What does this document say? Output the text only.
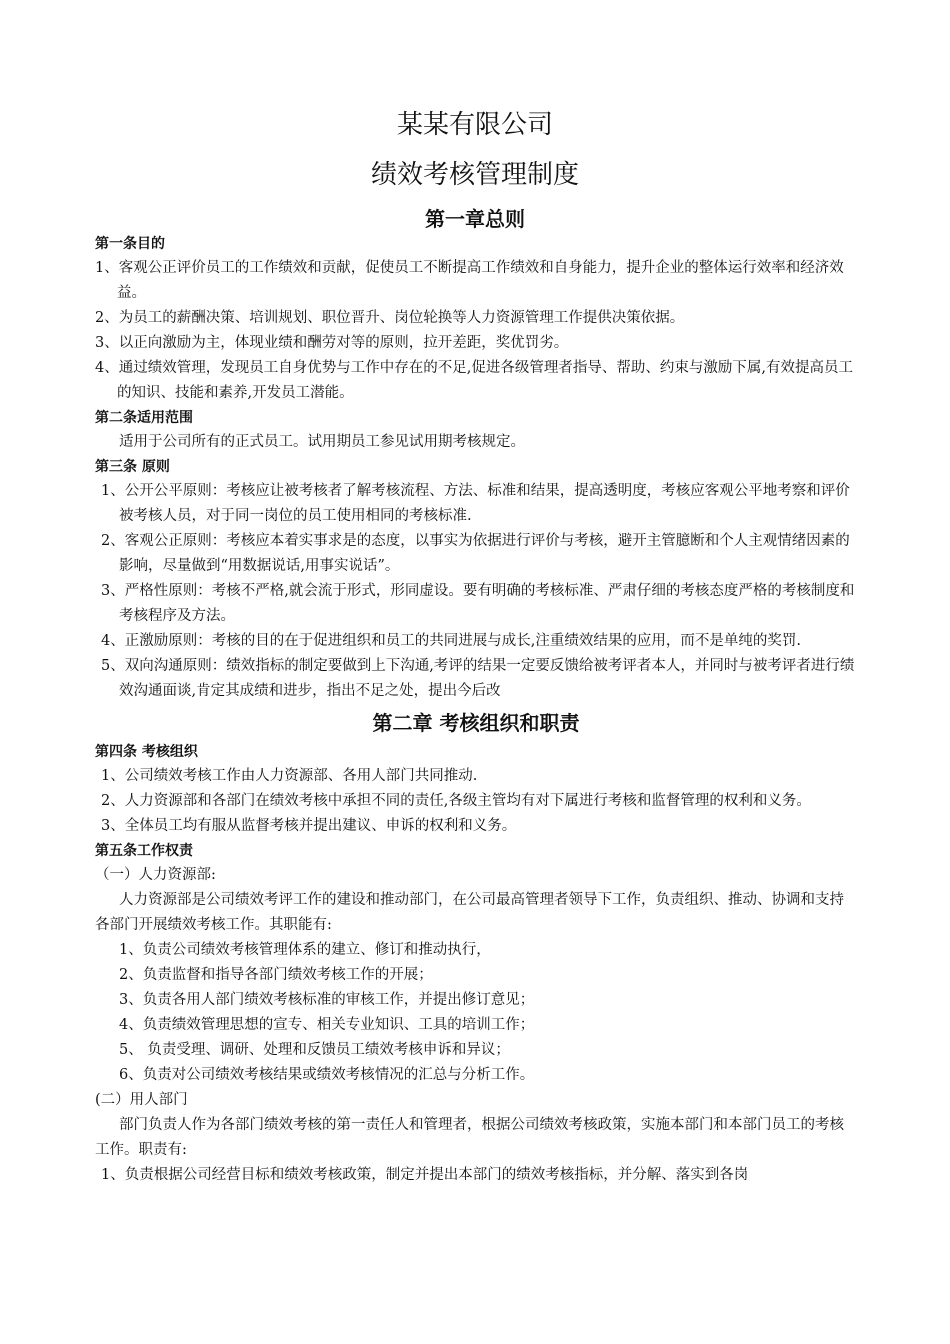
某某有限公司
绩效考核管理制度
第一章总则
第一条目的
1、客观公正评价员工的工作绩效和贡献，促使员工不断提高工作绩效和自身能力，提升企业的整体运行效率和经济效益。
2、为员工的薪酬决策、培训规划、职位晋升、岗位轮换等人力资源管理工作提供决策依据。
3、以正向激励为主，体现业绩和酬劳对等的原则，拉开差距，奖优罚劣。
4、通过绩效管理，发现员工自身优势与工作中存在的不足,促进各级管理者指导、帮助、约束与激励下属,有效提高员工的知识、技能和素养,开发员工潜能。
第二条适用范围
适用于公司所有的正式员工。试用期员工参见试用期考核规定。
第三条 原则
1、公开公平原则：考核应让被考核者了解考核流程、方法、标准和结果，提高透明度，考核应客观公平地考察和评价被考核人员，对于同一岗位的员工使用相同的考核标准.
2、客观公正原则：考核应本着实事求是的态度，以事实为依据进行评价与考核，避开主管臆断和个人主观情绪因素的影响，尽量做到“用数据说话,用事实说话”。
3、严格性原则：考核不严格,就会流于形式，形同虚设。要有明确的考核标准、严肃仔细的考核态度严格的考核制度和考核程序及方法。
4、正激励原则：考核的目的在于促进组织和员工的共同进展与成长,注重绩效结果的应用，而不是单纯的奖罚.
5、双向沟通原则：绩效指标的制定要做到上下沟通,考评的结果一定要反馈给被考评者本人，并同时与被考评者进行绩效沟通面谈,肯定其成绩和进步，指出不足之处，提出今后改
第二章 考核组织和职责
第四条 考核组织
1、公司绩效考核工作由人力资源部、各用人部门共同推动.
2、人力资源部和各部门在绩效考核中承担不同的责任,各级主管均有对下属进行考核和监督管理的权利和义务。
3、全体员工均有服从监督考核并提出建议、申诉的权利和义务。
第五条工作权责
（一）人力资源部:
人力资源部是公司绩效考评工作的建设和推动部门，在公司最高管理者领导下工作，负责组织、推动、协调和支持各部门开展绩效考核工作。其职能有:
1、负责公司绩效考核管理体系的建立、修订和推动执行，
2、负责监督和指导各部门绩效考核工作的开展；
3、负责各用人部门绩效考核标准的审核工作，并提出修订意见；
4、负责绩效管理思想的宣专、相关专业知识、工具的培训工作；
5、 负责受理、调研、处理和反馈员工绩效考核申诉和异议；
6、负责对公司绩效考核结果或绩效考核情况的汇总与分析工作。
(二）用人部门
部门负责人作为各部门绩效考核的第一责任人和管理者，根据公司绩效考核政策，实施本部门和本部门员工的考核工作。职责有:
1、负责根据公司经营目标和绩效考核政策，制定并提出本部门的绩效考核指标，并分解、落实到各岗
